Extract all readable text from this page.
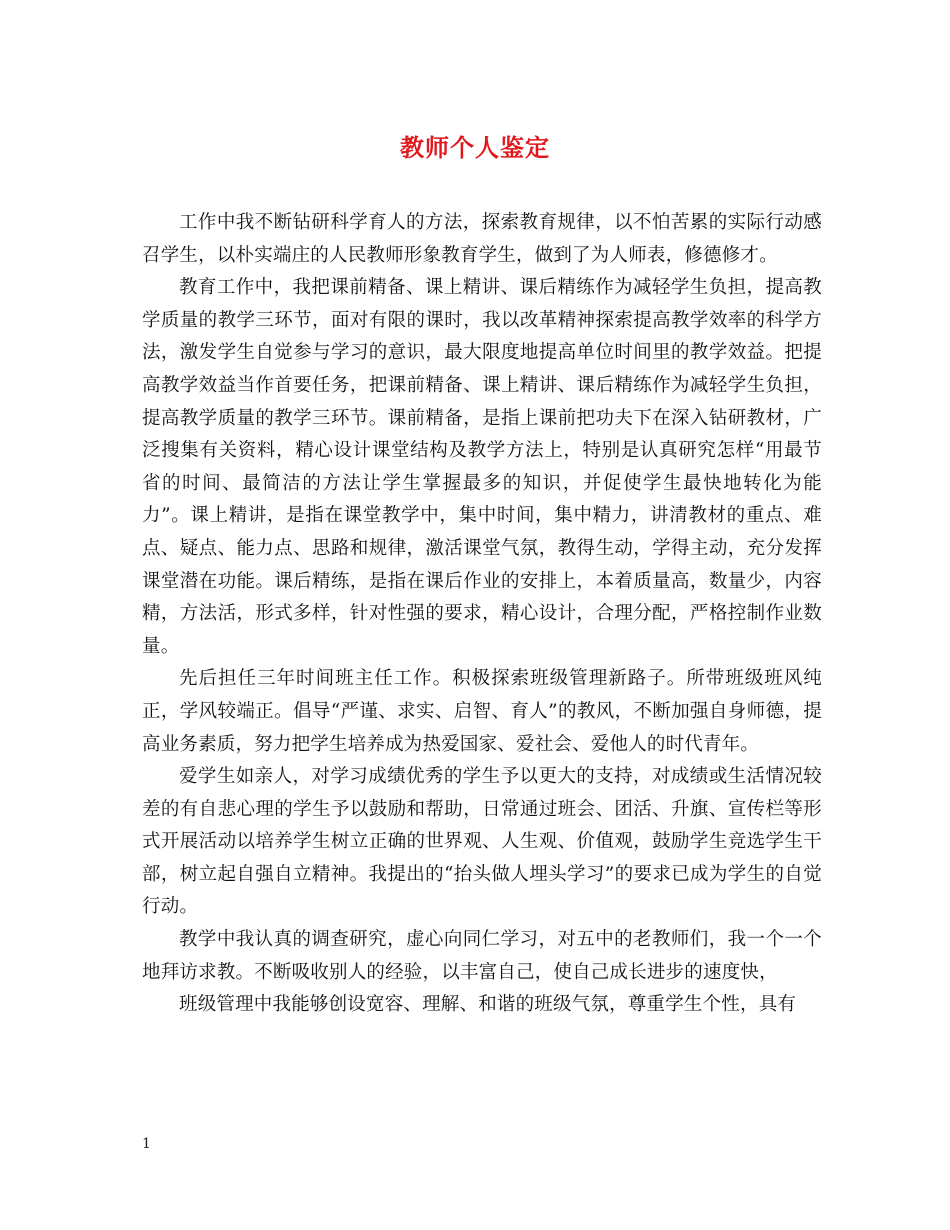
教师个人鉴定

工作中我不断钻研科学育人的方法，探索教育规律，以不怕苦累的实际行动感召学生，以朴实端庄的人民教师形象教育学生，做到了为人师表，修德修才。

教育工作中，我把课前精备、课上精讲、课后精练作为减轻学生负担，提高教学质量的教学三环节，面对有限的课时，我以改革精神探索提高教学效率的科学方法，激发学生自觉参与学习的意识，最大限度地提高单位时间里的教学效益。把提高教学效益当作首要任务，把课前精备、课上精讲、课后精练作为减轻学生负担，提高教学质量的教学三环节。课前精备，是指上课前把功夫下在深入钻研教材，广泛搜集有关资料，精心设计课堂结构及教学方法上，特别是认真研究怎样“用最节省的时间、最简洁的方法让学生掌握最多的知识，并促使学生最快地转化为能力”。课上精讲，是指在课堂教学中，集中时间，集中精力，讲清教材的重点、难点、疑点、能力点、思路和规律，激活课堂气氛，教得生动，学得主动，充分发挥课堂潜在功能。课后精练，是指在课后作业的安排上，本着质量高，数量少，内容精，方法活，形式多样，针对性强的要求，精心设计，合理分配，严格控制作业数量。

先后担任三年时间班主任工作。积极探索班级管理新路子。所带班级班风纯正，学风较端正。倡导“严谨、求实、启智、育人”的教风，不断加强自身师德，提高业务素质，努力把学生培养成为热爱国家、爱社会、爱他人的时代青年。

爱学生如亲人，对学习成绩优秀的学生予以更大的支持，对成绩或生活情况较差的有自悲心理的学生予以鼓励和帮助，日常通过班会、团活、升旗、宣传栏等形式开展活动以培养学生树立正确的世界观、人生观、价值观，鼓励学生竞选学生干部，树立起自强自立精神。我提出的“抬头做人埋头学习”的要求已成为学生的自觉行动。

教学中我认真的调查研究，虚心向同仁学习，对五中的老教师们，我一个一个地拜访求教。不断吸收别人的经验，以丰富自己，使自己成长进步的速度快，

班级管理中我能够创设宽容、理解、和谐的班级气氛，尊重学生个性，具有

1
